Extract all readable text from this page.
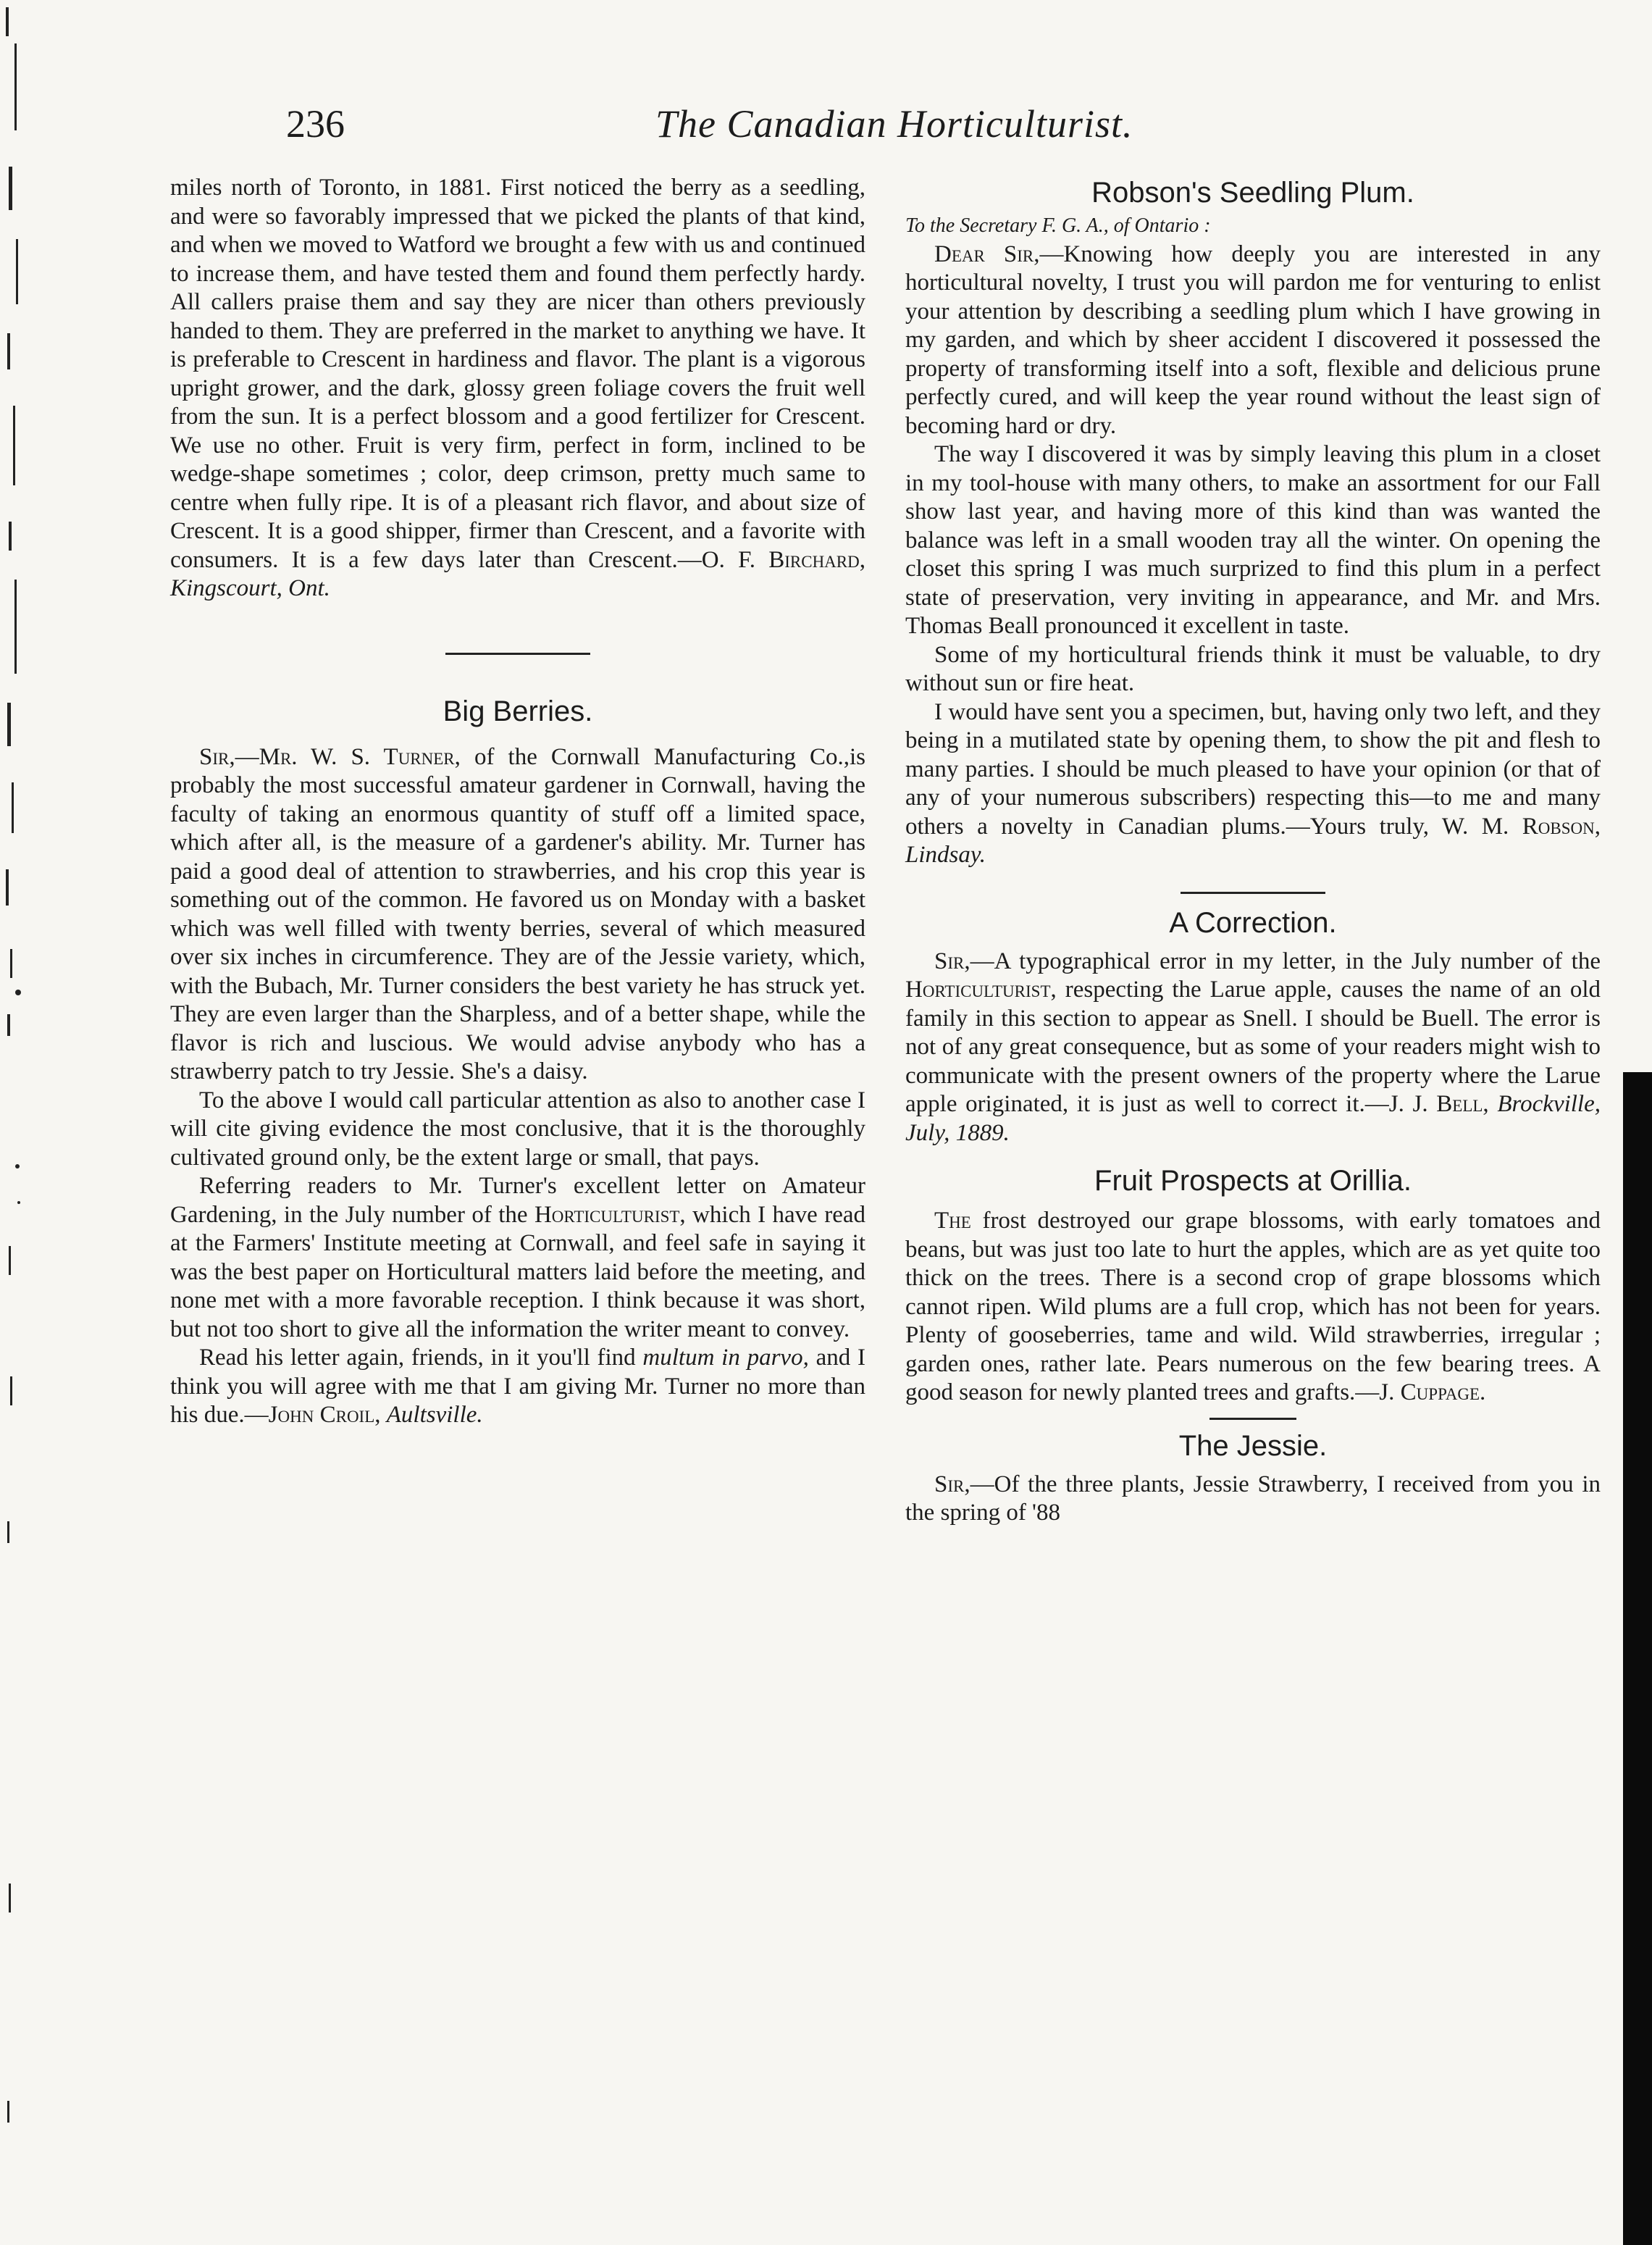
236	The Canadian Horticulturist.

miles north of Toronto, in 1881. First noticed the berry as a seedling, and were so favorably impressed that we picked the plants of that kind, and when we moved to Watford we brought a few with us and continued to increase them, and have tested them and found them perfectly hardy. All callers praise them and say they are nicer than others previously handed to them. They are preferred in the market to anything we have. It is preferable to Crescent in hardiness and flavor. The plant is a vigorous upright grower, and the dark, glossy green foliage covers the fruit well from the sun. It is a perfect blossom and a good fertilizer for Crescent. We use no other. Fruit is very firm, perfect in form, inclined to be wedge-shape sometimes ; color, deep crimson, pretty much same to centre when fully ripe. It is of a pleasant rich flavor, and about size of Crescent. It is a good shipper, firmer than Crescent, and a favorite with consumers. It is a few days later than Crescent.—O. F. Birchard, Kingscourt, Ont.

Big Berries.

Sir,—Mr. W. S. Turner, of the Cornwall Manufacturing Co.,is probably the most successful amateur gardener in Cornwall, having the faculty of taking an enormous quantity of stuff off a limited space, which after all, is the measure of a gardener's ability. Mr. Turner has paid a good deal of attention to strawberries, and his crop this year is something out of the common. He favored us on Monday with a basket which was well filled with twenty berries, several of which measured over six inches in circumference. They are of the Jessie variety, which, with the Bubach, Mr. Turner considers the best variety he has struck yet. They are even larger than the Sharpless, and of a better shape, while the flavor is rich and luscious. We would advise anybody who has a strawberry patch to try Jessie. She's a daisy.

To the above I would call particular attention as also to another case I will cite giving evidence the most conclusive, that it is the thoroughly cultivated ground only, be the extent large or small, that pays.

Referring readers to Mr. Turner's excellent letter on Amateur Gardening, in the July number of the Horticulturist, which I have read at the Farmers' Institute meeting at Cornwall, and feel safe in saying it was the best paper on Horticultural matters laid before the meeting, and none met with a more favorable reception. I think because it was short, but not too short to give all the information the writer meant to convey.

Read his letter again, friends, in it you'll find multum in parvo, and I think you will agree with me that I am giving Mr. Turner no more than his due.—John Croil, Aultsville.

Robson's Seedling Plum.

To the Secretary F. G. A., of Ontario :

Dear Sir,—Knowing how deeply you are interested in any horticultural novelty, I trust you will pardon me for venturing to enlist your attention by describing a seedling plum which I have growing in my garden, and which by sheer accident I discovered it possessed the property of transforming itself into a soft, flexible and delicious prune perfectly cured, and will keep the year round without the least sign of becoming hard or dry.

The way I discovered it was by simply leaving this plum in a closet in my tool-house with many others, to make an assortment for our Fall show last year, and having more of this kind than was wanted the balance was left in a small wooden tray all the winter. On opening the closet this spring I was much surprized to find this plum in a perfect state of preservation, very inviting in appearance, and Mr. and Mrs. Thomas Beall pronounced it excellent in taste.

Some of my horticultural friends think it must be valuable, to dry without sun or fire heat.

I would have sent you a specimen, but, having only two left, and they being in a mutilated state by opening them, to show the pit and flesh to many parties. I should be much pleased to have your opinion (or that of any of your numerous subscribers) respecting this—to me and many others a novelty in Canadian plums.—Yours truly, W. M. Robson, Lindsay.

A Correction.

Sir,—A typographical error in my letter, in the July number of the Horticulturist, respecting the Larue apple, causes the name of an old family in this section to appear as Snell. I should be Buell. The error is not of any great consequence, but as some of your readers might wish to communicate with the present owners of the property where the Larue apple originated, it is just as well to correct it.—J. J. Bell, Brockville, July, 1889.

Fruit Prospects at Orillia.

The frost destroyed our grape blossoms, with early tomatoes and beans, but was just too late to hurt the apples, which are as yet quite too thick on the trees. There is a second crop of grape blossoms which cannot ripen. Wild plums are a full crop, which has not been for years. Plenty of gooseberries, tame and wild. Wild strawberries, irregular ; garden ones, rather late. Pears numerous on the few bearing trees. A good season for newly planted trees and grafts.—J. Cuppage.

The Jessie.

Sir,—Of the three plants, Jessie Strawberry, I received from you in the spring of '88
